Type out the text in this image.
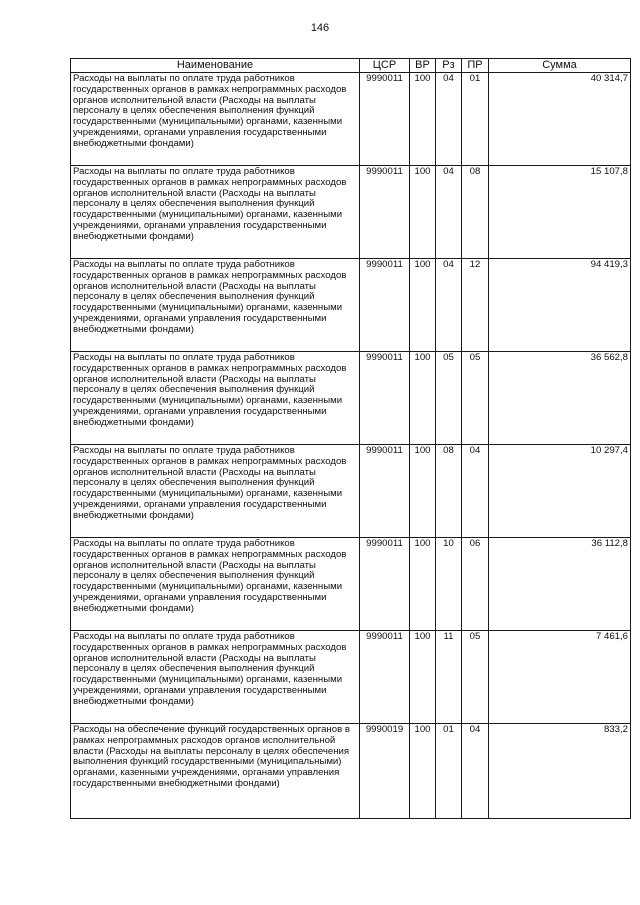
146
Наименование	ЦСР	ВР	Рз	ПР	Сумма
Расходы на выплаты по оплате труда работников государственных органов в рамках непрограммных расходов органов исполнительной власти (Расходы на выплаты персоналу в целях обеспечения выполнения функций государственными (муниципальными) органами, казенными учреждениями, органами управления государственными внебюджетными фондами)	9990011	100	04	01	40 314,7
Расходы на выплаты по оплате труда работников государственных органов в рамках непрограммных расходов органов исполнительной власти (Расходы на выплаты персоналу в целях обеспечения выполнения функций государственными (муниципальными) органами, казенными учреждениями, органами управления государственными внебюджетными фондами)	9990011	100	04	08	15 107,8
Расходы на выплаты по оплате труда работников государственных органов в рамках непрограммных расходов органов исполнительной власти (Расходы на выплаты персоналу в целях обеспечения выполнения функций государственными (муниципальными) органами, казенными учреждениями, органами управления государственными внебюджетными фондами)	9990011	100	04	12	94 419,3
Расходы на выплаты по оплате труда работников государственных органов в рамках непрограммных расходов органов исполнительной власти (Расходы на выплаты персоналу в целях обеспечения выполнения функций государственными (муниципальными) органами, казенными учреждениями, органами управления государственными внебюджетными фондами)	9990011	100	05	05	36 562,8
Расходы на выплаты по оплате труда работников государственных органов в рамках непрограммных расходов органов исполнительной власти (Расходы на выплаты персоналу в целях обеспечения выполнения функций государственными (муниципальными) органами, казенными учреждениями, органами управления государственными внебюджетными фондами)	9990011	100	08	04	10 297,4
Расходы на выплаты по оплате труда работников государственных органов в рамках непрограммных расходов органов исполнительной власти (Расходы на выплаты персоналу в целях обеспечения выполнения функций государственными (муниципальными) органами, казенными учреждениями, органами управления государственными внебюджетными фондами)	9990011	100	10	06	36 112,8
Расходы на выплаты по оплате труда работников государственных органов в рамках непрограммных расходов органов исполнительной власти (Расходы на выплаты персоналу в целях обеспечения выполнения функций государственными (муниципальными) органами, казенными учреждениями, органами управления государственными внебюджетными фондами)	9990011	100	11	05	7 461,6
Расходы на обеспечение функций государственных органов в рамках непрограммных расходов органов исполнительной власти (Расходы на выплаты персоналу в целях обеспечения выполнения функций государственными (муниципальными) органами, казенными учреждениями, органами управления государственными внебюджетными фондами)	9990019	100	01	04	833,2
